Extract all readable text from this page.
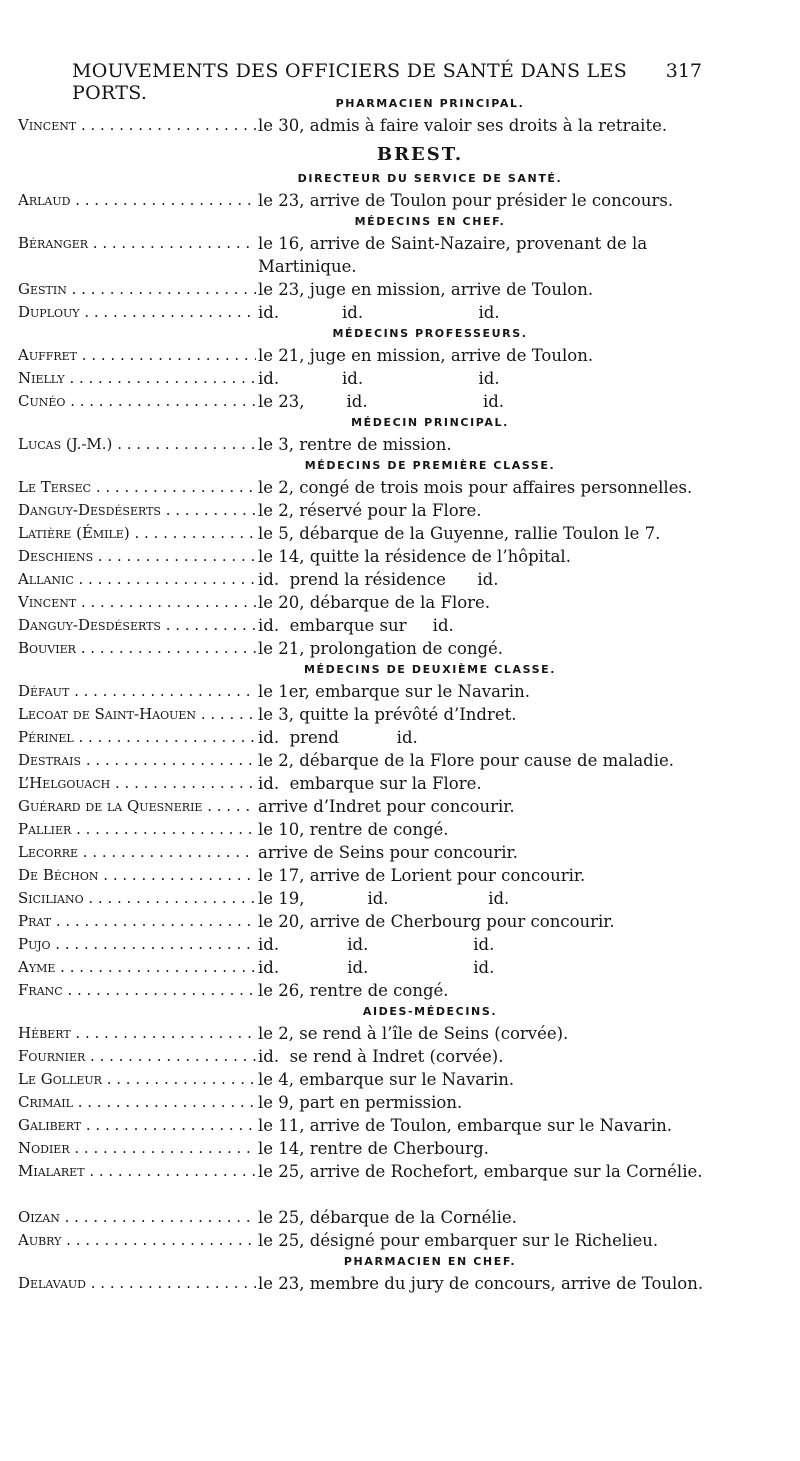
MOUVEMENTS DES OFFICIERS DE SANTÉ DANS LES PORTS.
317
PHARMACIEN PRINCIPAL.
Vincent . . .	le 30, admis à faire valoir ses droits à la retraite.
BREST.
DIRECTEUR DU SERVICE DE SANTÉ.
Arlaud . . .	le 23, arrive de Toulon pour présider le concours.
MÉDECINS EN CHEF.
Béranger . . .	le 16, arrive de Saint-Nazaire, provenant de la Martinique.
Gestin . . .	le 23, juge en mission, arrive de Toulon.
Duplouy . . .	id.            id.                      id.
MÉDECINS PROFESSEURS.
Auffret . . .	le 21, juge en mission, arrive de Toulon.
Nielly . . .	id.            id.                      id.
Cunéo . . .	le 23,        id.                      id.
MÉDECIN PRINCIPAL.
Lucas (J.-M.) . . .	le 3, rentre de mission.
MÉDECINS DE PREMIÈRE CLASSE.
Le Tersec . . .	le 2, congé de trois mois pour affaires personnelles.
Danguy-Desdéserts . . .	le 2, réservé pour la Flore.
Latière (Émile) . . .	le 5, débarque de la Guyenne, rallie Toulon le 7.
Deschiens . . .	le 14, quitte la résidence de l’hôpital.
Allanic . . .	id.  prend la résidence      id.
Vincent . . .	le 20, débarque de la Flore.
Danguy-Desdéserts . . .	id.  embarque sur     id.
Bouvier . . .	le 21, prolongation de congé.
MÉDECINS DE DEUXIÈME CLASSE.
Défaut . . .	le 1er, embarque sur le Navarin.
Lecoat de Saint-Haouen . . .	le 3, quitte la prévôté d’Indret.
Périnel . . .	id.  prend           id.
Destrais . . .	le 2, débarque de la Flore pour cause de maladie.
L’Helgouach . . .	id.  embarque sur la Flore.
Guérard de la Quesnerie . . .	arrive d’Indret pour concourir.
Pallier . . .	le 10, rentre de congé.
Lecorre . . .	arrive de Seins pour concourir.
De Béchon . . .	le 17, arrive de Lorient pour concourir.
Siciliano . . .	le 19,            id.                   id.
Prat . . .	le 20, arrive de Cherbourg pour concourir.
Pujo . . .	id.             id.                    id.
Ayme . . .	id.             id.                    id.
Franc . . .	le 26, rentre de congé.
AIDES-MÉDECINS.
Hébert . . .	le 2, se rend à l’île de Seins (corvée).
Fournier . . .	id.  se rend à Indret (corvée).
Le Golleur . . .	le 4, embarque sur le Navarin.
Crimail . . .	le 9, part en permission.
Galibert . . .	le 11, arrive de Toulon, embarque sur le Navarin.
Nodier . . .	le 14, rentre de Cherbourg.
Mialaret . . .	le 25, arrive de Rochefort, embarque sur la Cornélie.
Oizan . . .	le 25, débarque de la Cornélie.
Aubry . . .	le 25, désigné pour embarquer sur le Richelieu.
PHARMACIEN EN CHEF.
Delavaud . . .	le 23, membre du jury de concours, arrive de Toulon.
